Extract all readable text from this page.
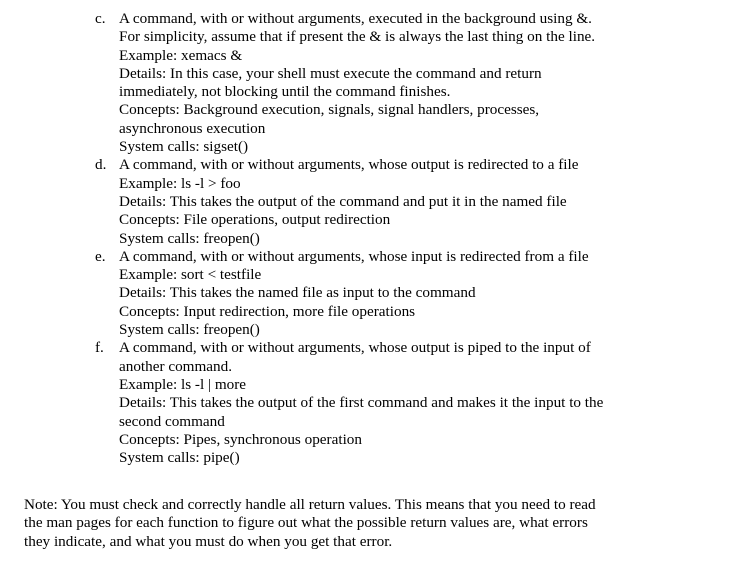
c. A command, with or without arguments, executed in the background using &.
For simplicity, assume that if present the & is always the last thing on the line.
Example: xemacs &
Details: In this case, your shell must execute the command and return
immediately, not blocking until the command finishes.
Concepts: Background execution, signals, signal handlers, processes,
asynchronous execution
System calls: sigset()
d. A command, with or without arguments, whose output is redirected to a file
Example: ls -l > foo
Details: This takes the output of the command and put it in the named file
Concepts: File operations, output redirection
System calls: freopen()
e. A command, with or without arguments, whose input is redirected from a file
Example: sort < testfile
Details: This takes the named file as input to the command
Concepts: Input redirection, more file operations
System calls: freopen()
f. A command, with or without arguments, whose output is piped to the input of
another command.
Example: ls -l | more
Details: This takes the output of the first command and makes it the input to the
second command
Concepts: Pipes, synchronous operation
System calls: pipe()
Note: You must check and correctly handle all return values. This means that you need to read
the man pages for each function to figure out what the possible return values are, what errors
they indicate, and what you must do when you get that error.
